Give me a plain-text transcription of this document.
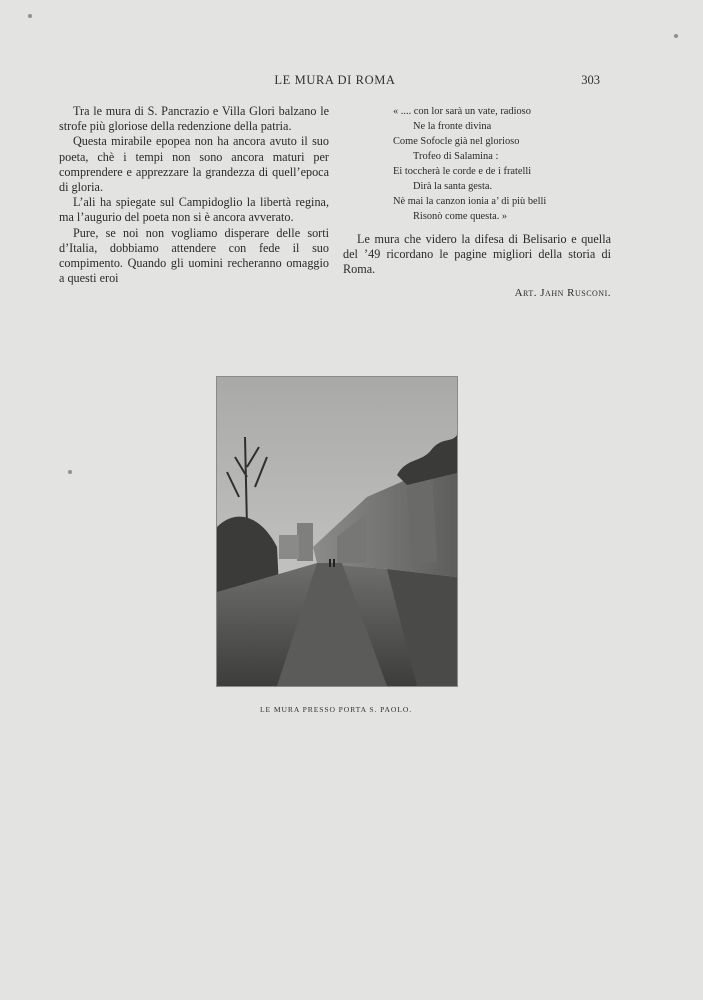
LE MURA DI ROMA	303

Tra le mura di S. Pancrazio e Villa Glori balzano le strofe più gloriose della redenzione della patria.

Questa mirabile epopea non ha ancora avuto il suo poeta, chè i tempi non sono ancora maturi per comprendere e apprezzare la grandezza di quell’epoca di gloria.

L’ali ha spiegate sul Campidoglio la libertà regina, ma l’augurio del poeta non si è ancora avverato.

Pure, se noi non vogliamo disperare delle sorti d’Italia, dobbiamo attendere con fede il suo compimento. Quando gli uomini recheranno omaggio a questi eroi

« .... con lor sarà un vate, radioso
Ne la fronte divina
Come Sofocle già nel glorioso
Trofeo di Salamina :
Ei toccherà le corde e de i fratelli
Dirà la santa gesta.
Nè mai la canzon ionia a’ di più belli
Risonò come questa. »

Le mura che videro la difesa di Belisario e quella del ’49 ricordano le pagine migliori della storia di Roma.

Art. Jahn Rusconi.
LE MURA PRESSO PORTA S. PAOLO.
